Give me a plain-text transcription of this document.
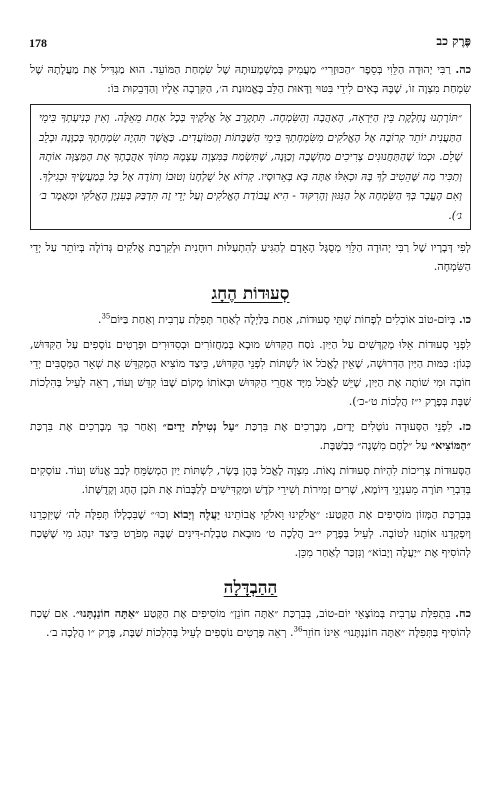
178	פֶּרֶק כב

כה. רַבִּי יְהוּדָה הַלֵּוִי בְּסֵפֶר ״הַכּוּזָרִי״ מַעֲמִיק בְּמַשְׁמָעוּתָהּ שֶׁל שִׂמְחַת הַמּוֹעֵד. הוּא מַגְדִּיל אֶת מַעֲלָתָהּ שֶׁל שִׂמְחַת מִצְוָה זוֹ, שֶׁבָּהּ בָּאִים לִידֵי בִּטּוּי וַדָּאוּת הַלֵּב בֶּאֱמוּנַת ה׳, הַקִּרְבָה אֵלָיו וְהַדְּבֵקוּת בּוֹ:

״תּוֹרָתְנוּ נֶחְלֶקֶת בֵּין הַיִּרְאָה, הָאַהֲבָה וְהַשִּׂמְחָה. תִּתְקָרֵב אֶל אֱלֹקֶיךָ בְּכָל אַחַת מֵאֵלֶּה. וְאִין כְּנִיעָתְךָ בִּימֵי הַתַּעֲנִית יוֹתֵר קְרוֹבָה אֶל הָאֱלֹקִים מִשִּׂמְחָתְךָ בִּימֵי הַשַּׁבָּתוֹת וְהַמּוֹעֲדִים. כַּאֲשֶׁר תִּהְיֶה שִׂמְחָתְךָ בְּכַוָּנָה וּבְלֵב שָׁלֵם. וּכְמוֹ שֶׁהַתַּחֲנוּנִים צְרִיכִים מַחְשָׁבָה וְכַוָּנָה, שֶׁתִּשְׂמַח בַּמִּצְוָה עַצְמָהּ מִתּוֹךְ אַהֲבָתְךָ אֶת הַמְּצַוֶּה אוֹתָהּ וְתַכִּיר מַה שֶּׁהֵטִיב לְךָ בָּהּ וּכְאִלּוּ אַתָּה בָּא בְּאֵרוּסָיו. קְרוֹא אֶל שֻׁלְחָנוֹ וְטוּבוֹ וְתוֹדֶה אֶל כָּל בְּמַעֲשֶׂיךָ וּבְגִילְךָ. וְאִם הֶעֱבָר בְּךָ הַשִּׂמְחָה אֶל הַנִּגּוּן וְהָרִקּוּד - הִיא עֲבוֹדַת הָאֱלֹקִים וְעַל יְדֵי זֶה תִּדְבַּק בָּעִנְיָן הָאֱלֹקִי וּמַאֲמָר ב׳ ג׳).

לְפִי דְּבָרָיו שֶׁל רַבִּי יְהוּדָה הַלֵּוִי מְסֻגָּל הָאָדָם לְהַגִּיעַ לְהִתְעַלּוּת רוּחָנִית וּלְקִרְבַת אֱלֹקִים גְּדוֹלָה בְּיוֹתֵר עַל יְדֵי הַשִּׂמְחָה.

סְעוּדוֹת הֶחָג

כו. בְּיוֹם-טוֹב אוֹכְלִים לְפָחוֹת שְׁתֵּי סְעוּדוֹת, אַחַת בַּלַּיְלָה לְאַחַר תְּפִלַּת עַרְבִית וְאַחַת בַּיּוֹם$^{35}$.

לִפְנֵי סְעוּדוֹת אֵלּוּ מְקַדְּשִׁים עַל הַיַּיִן. נֹסַח הַקִּדּוּשׁ מוּבָא בְּמַחֲזוֹרִים וּבְסִדּוּרִים וּפְרָטִים נוֹסָפִים עַל הַקִּדּוּשׁ, כְּגוֹן: כַּמּוּת הַיַּיִן הַדְּרוּשָׁה, שֶׁאֵין לֶאֱכֹל אוֹ לִשְׁתּוֹת לִפְנֵי הַקִּדּוּשׁ, כֵּיצַד מוֹצִיא הַמְקַדֵּשׁ אֶת שְׁאָר הַמְּסֻבִּים יְדֵי חוֹבָה וּמִי שׁוֹתֶה אֶת הַיַּיִן, שֶׁיֵּשׁ לֶאֱכֹל מִיָּד אַחֲרֵי הַקִּדּוּשׁ וּבְאוֹתוֹ מָקוֹם שֶׁבּוֹ קִדֵּשׁ וְעוֹד, רְאֵה לְעֵיל בְּהִלְכוֹת שַׁבָּת בְּפֶרֶק י״ז הֲלָכוֹת ט׳-כ׳).

כז. לִפְנֵי הַסְּעוּדָה נוֹטְלִים יָדַיִם, מְבָרְכִים אֶת בִּרְכַּת ״עַל נְטִילַת יָדַיִם״ וְאַחַר כָּךְ מְבָרְכִים אֶת בִּרְכַּת ״הַמּוֹצִיא״ עַל ״לֶחֶם מִשְׁנֶה״ כְּבַשַּׁבָּת.

הַסְּעוּדוֹת צְרִיכוֹת לִהְיוֹת סְעוּדוֹת נָאוֹת. מִצְוָה לֶאֱכֹל בָּהֶן בָּשָׂר, לִשְׁתּוֹת יַיִן הַמְשַׂמֵּחַ לְבַב אֱנוֹשׁ וְעוֹד. עוֹסְקִים בְּדִבְרֵי תּוֹרָה מֵעִנְיְנֵי דְּיוֹמָא, שָׁרִים זְמִירוֹת וְשִׁירֵי קֹדֶשׁ וּמַקְדִּישִׁים לְלַבָּבוֹת אֶת תֹּכֶן הֶחָג וְקְדֻשָּׁתוֹ.

בְּבִרְכַּת הַמָּזוֹן מוֹסִיפִים אֶת הַקֶּטַע: ״אֱלֹקֵינוּ וֵאלֹקֵי אֲבוֹתֵינוּ יַעֲלֶה וְיָבוֹא וְכוּ׳״ שֶׁבִּכְלָלוֹ תְּפִלָּה לַה׳ שֶׁיִּזְכְּרֵנוּ וְיִפְקְדֵנוּ אוֹתָנוּ לְטוֹבָה. לְעֵיל בְּפֶרֶק י״ב הֲלָכָה ט׳ מוּבֶאת טַבְלַת-דִּינִים שֶׁבָּהּ מְפֹרָט כֵּיצַד יִנְהַג מִי שֶׁשָּׁכַח לְהוֹסִיף אֶת ״יַעֲלֶה וְיָבוֹא״ וְנִזְכַּר לְאַחַר מִכֵּן.

הַהַבְדָּלָה

כח. בִּתְפִלַּת עַרְבִית בְּמוֹצָאֵי יוֹם-טוֹב, בְּבִרְכַּת ״אַתָּה חוֹנֵן״ מוֹסִיפִים אֶת הַקֶּטַע ״אַתָּה חוֹנַנְתָּנוּ״. אִם שָׁכַח לְהוֹסִיף בַּתְּפִלָּה ״אַתָּה חוֹנַנְתָּנוּ״ אֵינוֹ חוֹזֵר$^{36}$. רְאֵה פְּרָטִים נוֹסָפִים לְעֵיל בְּהִלְכוֹת שַׁבָּת, פֶּרֶק ״ו הֲלָכָה ב׳.
